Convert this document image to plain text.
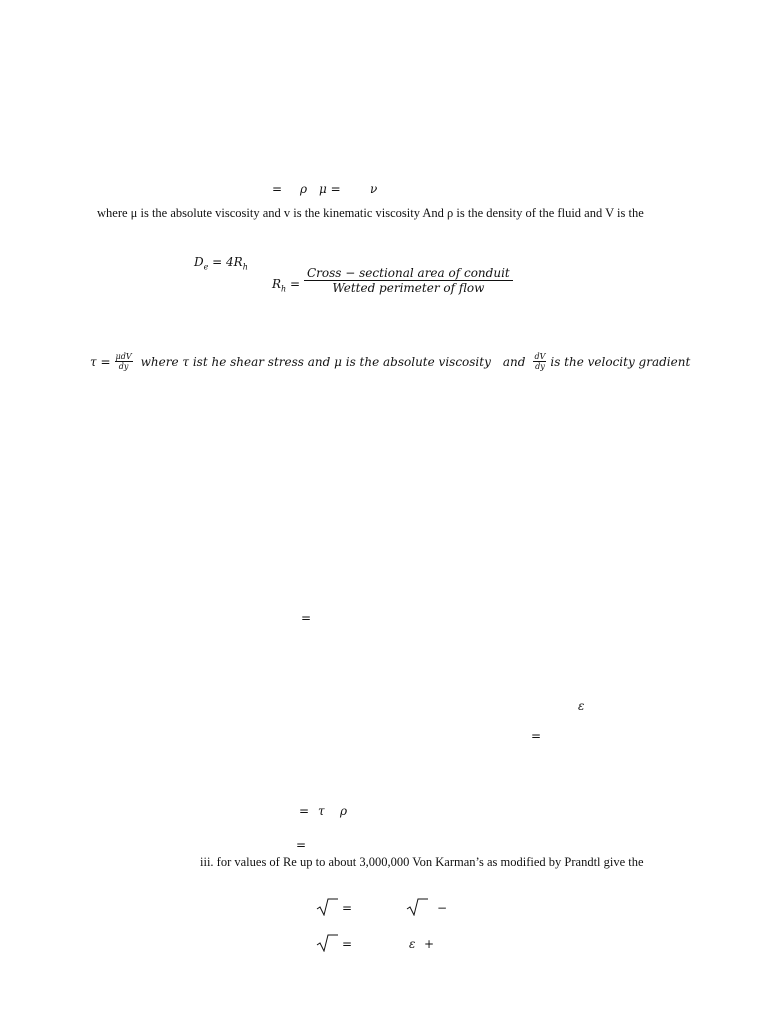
= ρ μ = ν
where μ is the absolute viscosity and v is the kinematic viscosity And ρ is the density of the fluid and V is the
$D_e = 4R_h$
$R_h = \frac{\text{Cross − sectional area of conduit}}{\text{Wetted perimeter of flow}}$
$\tau = \frac{\text{μdV}}{dy}$ where τ ist he shear stress and μ is the absolute viscosity and $\frac{dV}{dy}$ is the velocity gradient
=
ε
=
= τ ρ
=
iii. for values of Re up to about 3,000,000 Von Karman’s as modified by Prandtl give the
=	−
=	ε +
